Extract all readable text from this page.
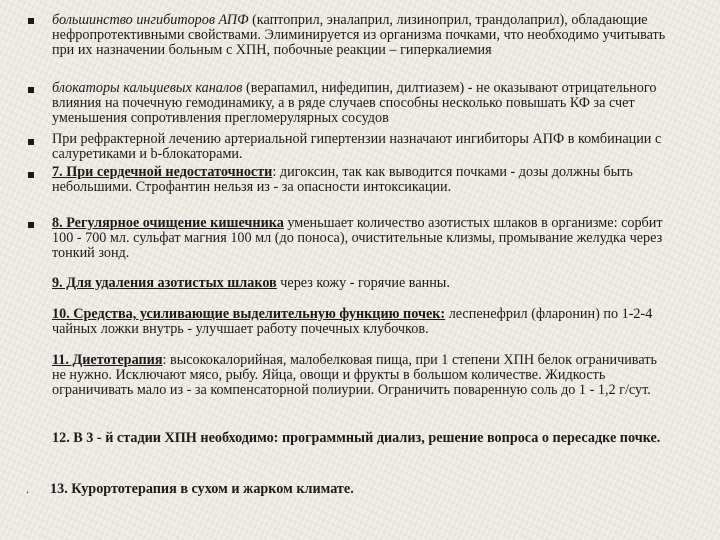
большинство ингибиторов АПФ (каптоприл, эналаприл, лизиноприл, трандолаприл), обладающие нефропротективными свойствами. Элиминируется из организма почками, что необходимо учитывать при их назначении больным с ХПН, побочные реакции – гиперкалиемия
блокаторы кальциевых каналов (верапамил, нифедипин, дилтиазем) - не оказывают отрицательного влияния на почечную гемодинамику, а в ряде случаев способны несколько повышать КФ за счет уменьшения сопротивления прегломерулярных сосудов
При рефрактерной лечению артериальной гипертензии назначают ингибиторы АПФ в комбинации с салуретиками и b-блокаторами.
7. При сердечной недостаточности: дигоксин, так как выводится почками - дозы должны быть небольшими. Строфантин нельзя из - за опасности интоксикации.
8. Регулярное очищение кишечника уменьшает количество азотистых шлаков в организме: сорбит 100 - 700 мл. сульфат магния 100 мл (до поноса), очистительные клизмы, промывание желудка через тонкий зонд.
9. Для удаления азотистых шлаков через кожу - горячие ванны.
10. Средства, усиливающие выделительную функцию почек: леспенефрил (фларонин) по 1-2-4 чайных ложки внутрь - улучшает работу почечных клубочков.
11. Диетотерапия: высококалорийная, малобелковая пища, при 1 степени ХПН белок ограничивать не нужно. Исключают мясо, рыбу. Яйца, овощи и фрукты в большом количестве. Жидкость ограничивать мало из - за компенсаторной полиурии. Ограничить поваренную соль до 1 - 1,2 г/сут.
12. В 3 - й стадии ХПН необходимо: программный диализ, решение вопроса о пересадке почке.
. 13. Курортотерапия в сухом и жарком климате.
